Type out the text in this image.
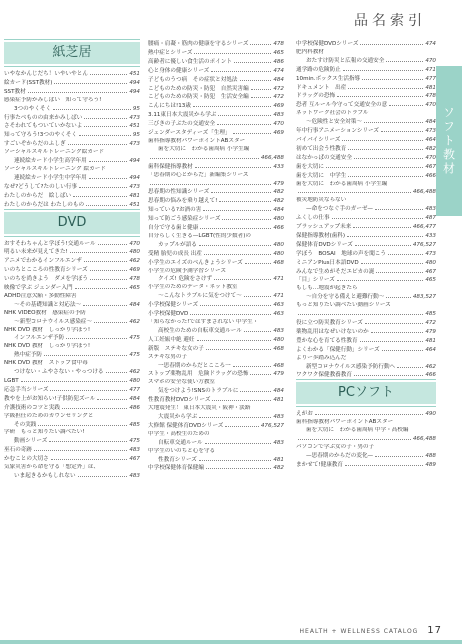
品名索引
ソフト教材
紙芝居
いやなかんじだち！いやいやとん	451
絵カード(SST教材)	494
SST教材	494
感染症予防かみしばい　知って守ろう!
3つのやくそく	95
行事たべものの由来かみしばい	473
さそわれてもついていかないよ	451
知って守ろう!3つのやくそく	95
すごいぞからだのふしぎ	473
ソーシャルスキルトレーニング絵カード
連続絵カード小学生高学年用	494
ソーシャルスキルトレーニング 絵カード
連続絵カード小学生中学年用	494
なぜ?どうして?たのしい行事	473
わたしのからだ　絵しばい	481
わたしのからだは わたしのもの	451
DVD
おすそわちゃんと学ぼう!交通ルール	470
明るい未来が見えてきた!	480
アニメでわかるインフルエンザ	462
いのちとこころの性教育シリーズ	469
いのちを尚きよう　ダメを学ぼう	478
映像で学ぶ ジェンダー入門	465
ADHD注意欠陥・多動性障害
～その基礎知識と対応法～	484
NHK VIDEO教材　感染症の予防
～新型コロナウイルス感染症～	462
NHK DVD 教材　しっかり学ぼう!
インフルエンザ予防	475
NHK DVD 教材　しっかり学ぼう!
熱中症予防	475
NHK DVD 教材　ストップ食中毒
つけない・ふやさない・やっつける	462
LGBT	480
応急手当シリーズ	477
教やを上がお知らい!子供防犯ズール	484
介護技術のコツと実践	486
学級担任のためのカウンセリングと
その実践	485
学研　もっと知りたい調べたい!
動画シリーズ	475
巫石の奇跡	483
かむことの大切さ	467
気象災害から命を守る「想定外」は、
いま起きるかもしれない	483
腰痛・肩凝・筋肉の健康を守るシリーズ	478
熱中症とシリーズ	465
高齢者に優しい食生活のポイント	486
心と身体の健康シリーズ	474
子どものうつ病　その症状と対処法	484
こどものための防災・防犯　自然災害編	472
こどものための防災・防犯　生活安全編	472
こんにちは!13歳	469
3.11東日本大震災から学ぶ	483
三びきの子ぶたの交通安全	470
ジェンダースタディーズ「生理」	469
歯科指導教材パワーポイントABスター
歯を大切に　わかる歯周病 小学生編
466,488
歯科保健指導教材	433
「思春期の心とからだ」新編集シリーズ
479
思春期の性知識シリーズ	482
思春期の悩みを乗り越えて!	482
知っている?お酒の害	484
知って防ごう感染症シリーズ	480
自分で守る歯と健康	466
自分らしく生きる—LGBT(性的少数者)の
カップルが語る	480
受精 胎児の成長 出産	480
小学生のエイズのべんきょうシリーズ	468
小学生の危険予測学習シリーズ
クイズ! 危険をさけず	471
小学生のためのデータ・ネット教室
～こんなトラブルに気をつけて～	471
小学校保健シリーズ	463
小学校保健DVD	463
「知らなかった!ではすまされない 中学生・
高校生のための自転車交通ルール	483
人工妊娠中絶 避妊	480
新版　ステキな女の子	468
ステキな男の子
一思春期のからだとこころ一	468
ストップ薬物乱用　危険ドラッグの恐怖	479
スマホの安全な使い方教室
気をつけよう!SNSのトラブルに	484
性教育教材DVDシリーズ	481
大地震発生！ 東日本大震災・阪神・淡路
大震災から学ぶ	483
大修館 保健体育DVDシリーズ	476,527
中学生・高校生のための
自転車交通ルール	483
中学生のいのちと心を守る
性教育シリーズ	481
中学校保健体育保健編	482
中学校保健DVDシリーズ	474
肥内科教材
おたすけ防災と広報の交通安全	470
通学路の危険防止	471
10min.ボックス生活指導	477
ドキュメント　出産	481
ドラッグの恐怖	478
恐者 互ルール今守って交通安全の意	470
ネットワーク社会のトラブル
～危険性と安全対策～	484
年中行事アニメーションシリーズ	473
バイバイシリーズ	464
初めて出会う性教育	482
はなかっぱの交通安全	470
歯を大切に	467
歯を大切に　中学生	466
歯を大切に　わかる歯周病 小学生編
466,488
被災地防災ならない
—命をつなぐ手のガーゼ—	483
ふくしの仕事	487
ブラッシュアップ未来	466,477
保健指導教材(歯科)	433
保健体育DVDシリーズ	476,527
学ぼう　BOSAI　地球の声を聞こう	473
ミニアンPlus日本語DVD	480
みんなで生めがそだエピカの誕	467
「目」シリーズ	465
もしも…地震が起きたら
～自分を守る備えと避難行動～	483,527
もっと知りたい調べたい動画シリーズ
485
役に立つ防災教育シリーズ	472
薬物乱用はなぜいけないのか	479
豊かな心を育てる性教育	481
よくわかる「保健行動」シリーズ	464
よりー歩踏み込んだ
新型コロナウイルス感染予防行動へ	462
ワクワク保健教養教育	466
PCソフト
えがお	490
歯科指導教材パワーポイントABスター
歯を大切に　わかる歯周病 中学・高校編
466,488
パソコンで学ぶ女の子・男の子
—思春期のからだの変化—	488
まかせて!健康教育	489
HEALTH + WELLNESS CATALOG 17
